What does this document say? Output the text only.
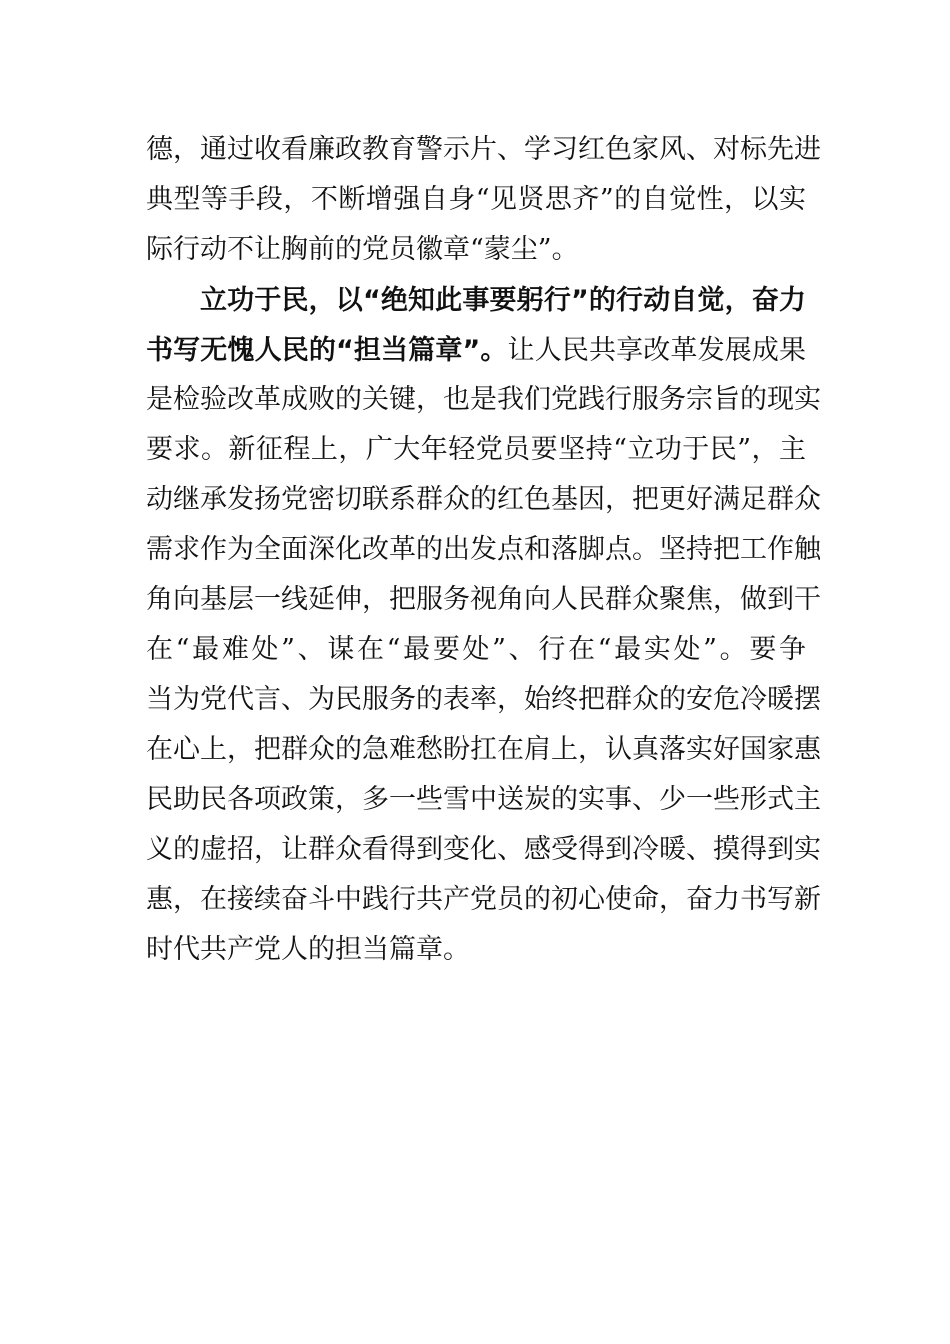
德，通过收看廉政教育警示片、学习红色家风、对标先进
典型等手段，不断增强自身“见贤思齐”的自觉性，以实
际行动不让胸前的党员徽章“蒙尘”。
立功于民，以“绝知此事要躬行”的行动自觉，奋力
书写无愧人民的“担当篇章”。让人民共享改革发展成果
是检验改革成败的关键，也是我们党践行服务宗旨的现实
要求。新征程上，广大年轻党员要坚持“立功于民”，主
动继承发扬党密切联系群众的红色基因，把更好满足群众
需求作为全面深化改革的出发点和落脚点。坚持把工作触
角向基层一线延伸，把服务视角向人民群众聚焦，做到干
在“最难处”、谋在“最要处”、行在“最实处”。要争
当为党代言、为民服务的表率，始终把群众的安危冷暖摆
在心上，把群众的急难愁盼扛在肩上，认真落实好国家惠
民助民各项政策，多一些雪中送炭的实事、少一些形式主
义的虚招，让群众看得到变化、感受得到冷暖、摸得到实
惠，在接续奋斗中践行共产党员的初心使命，奋力书写新
时代共产党人的担当篇章。
